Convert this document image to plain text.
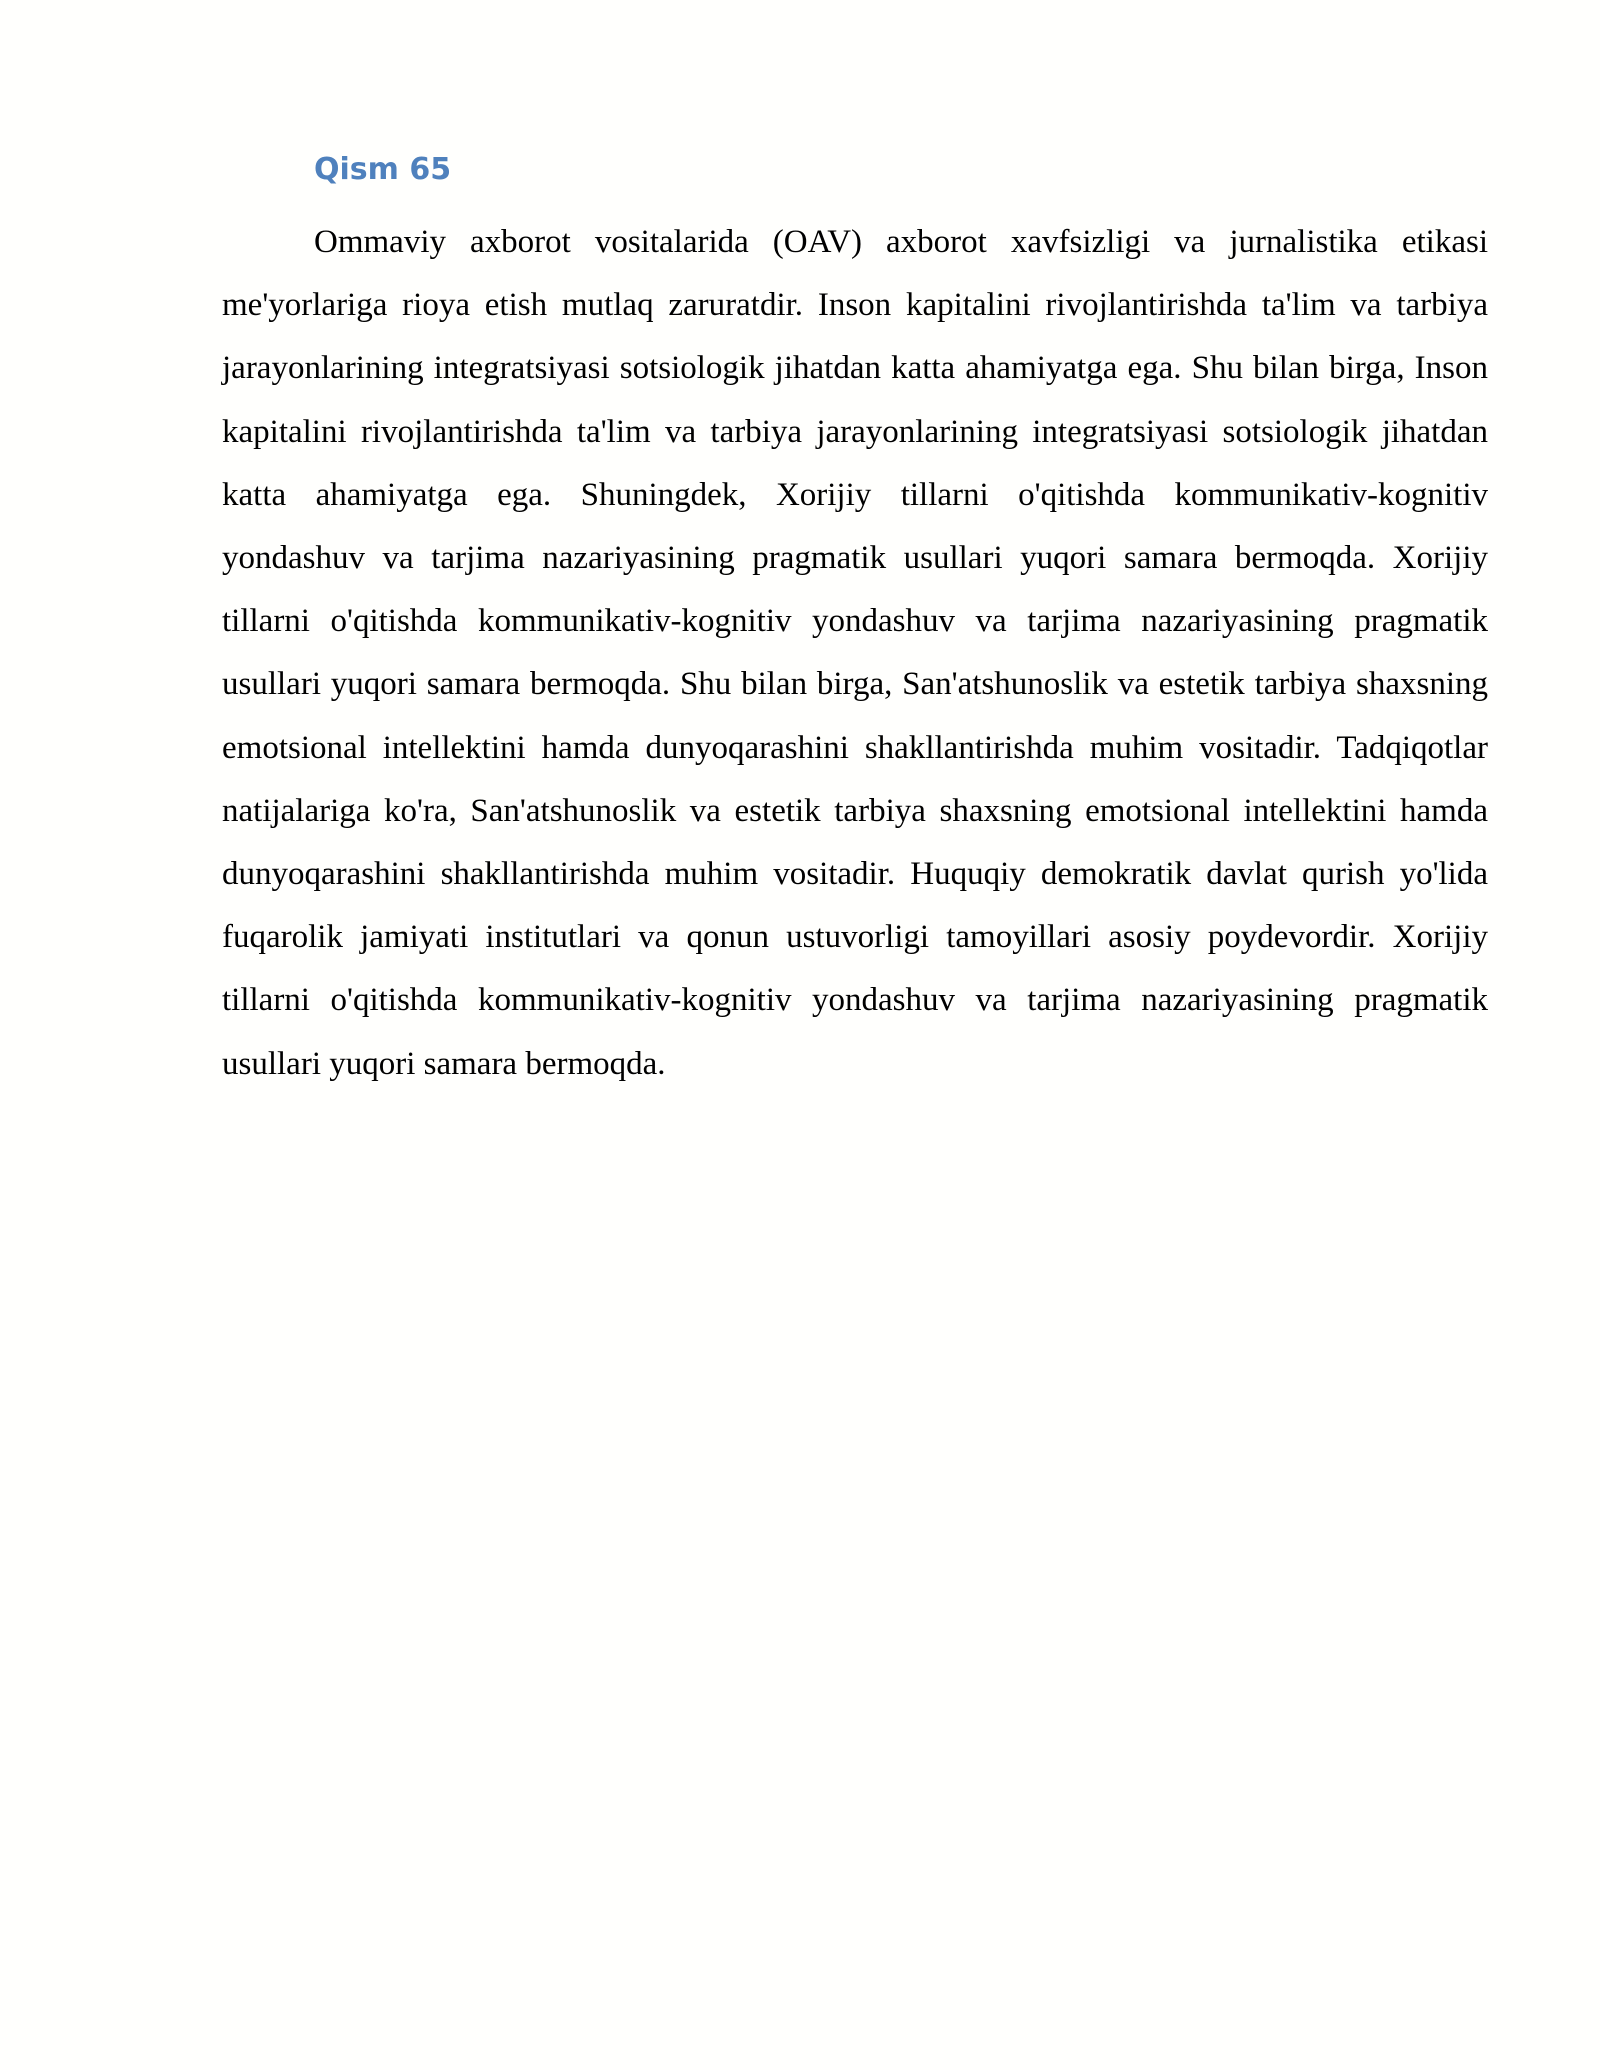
Qism 65

Ommaviy axborot vositalarida (OAV) axborot xavfsizligi va jurnalistika etikasi me'yorlariga rioya etish mutlaq zaruratdir. Inson kapitalini rivojlantirishda ta'lim va tarbiya jarayonlarining integratsiyasi sotsiologik jihatdan katta ahamiyatga ega. Shu bilan birga, Inson kapitalini rivojlantirishda ta'lim va tarbiya jarayonlarining integratsiyasi sotsiologik jihatdan katta ahamiyatga ega. Shuningdek, Xorijiy tillarni o'qitishda kommunikativ-kognitiv yondashuv va tarjima nazariyasining pragmatik usullari yuqori samara bermoqda. Xorijiy tillarni o'qitishda kommunikativ-kognitiv yondashuv va tarjima nazariyasining pragmatik usullari yuqori samara bermoqda. Shu bilan birga, San'atshunoslik va estetik tarbiya shaxsning emotsional intellektini hamda dunyoqarashini shakllantirishda muhim vositadir. Tadqiqotlar natijalariga ko'ra, San'atshunoslik va estetik tarbiya shaxsning emotsional intellektini hamda dunyoqarashini shakllantirishda muhim vositadir. Huquqiy demokratik davlat qurish yo'lida fuqarolik jamiyati institutlari va qonun ustuvorligi tamoyillari asosiy poydevordir. Xorijiy tillarni o'qitishda kommunikativ-kognitiv yondashuv va tarjima nazariyasining pragmatik usullari yuqori samara bermoqda.
